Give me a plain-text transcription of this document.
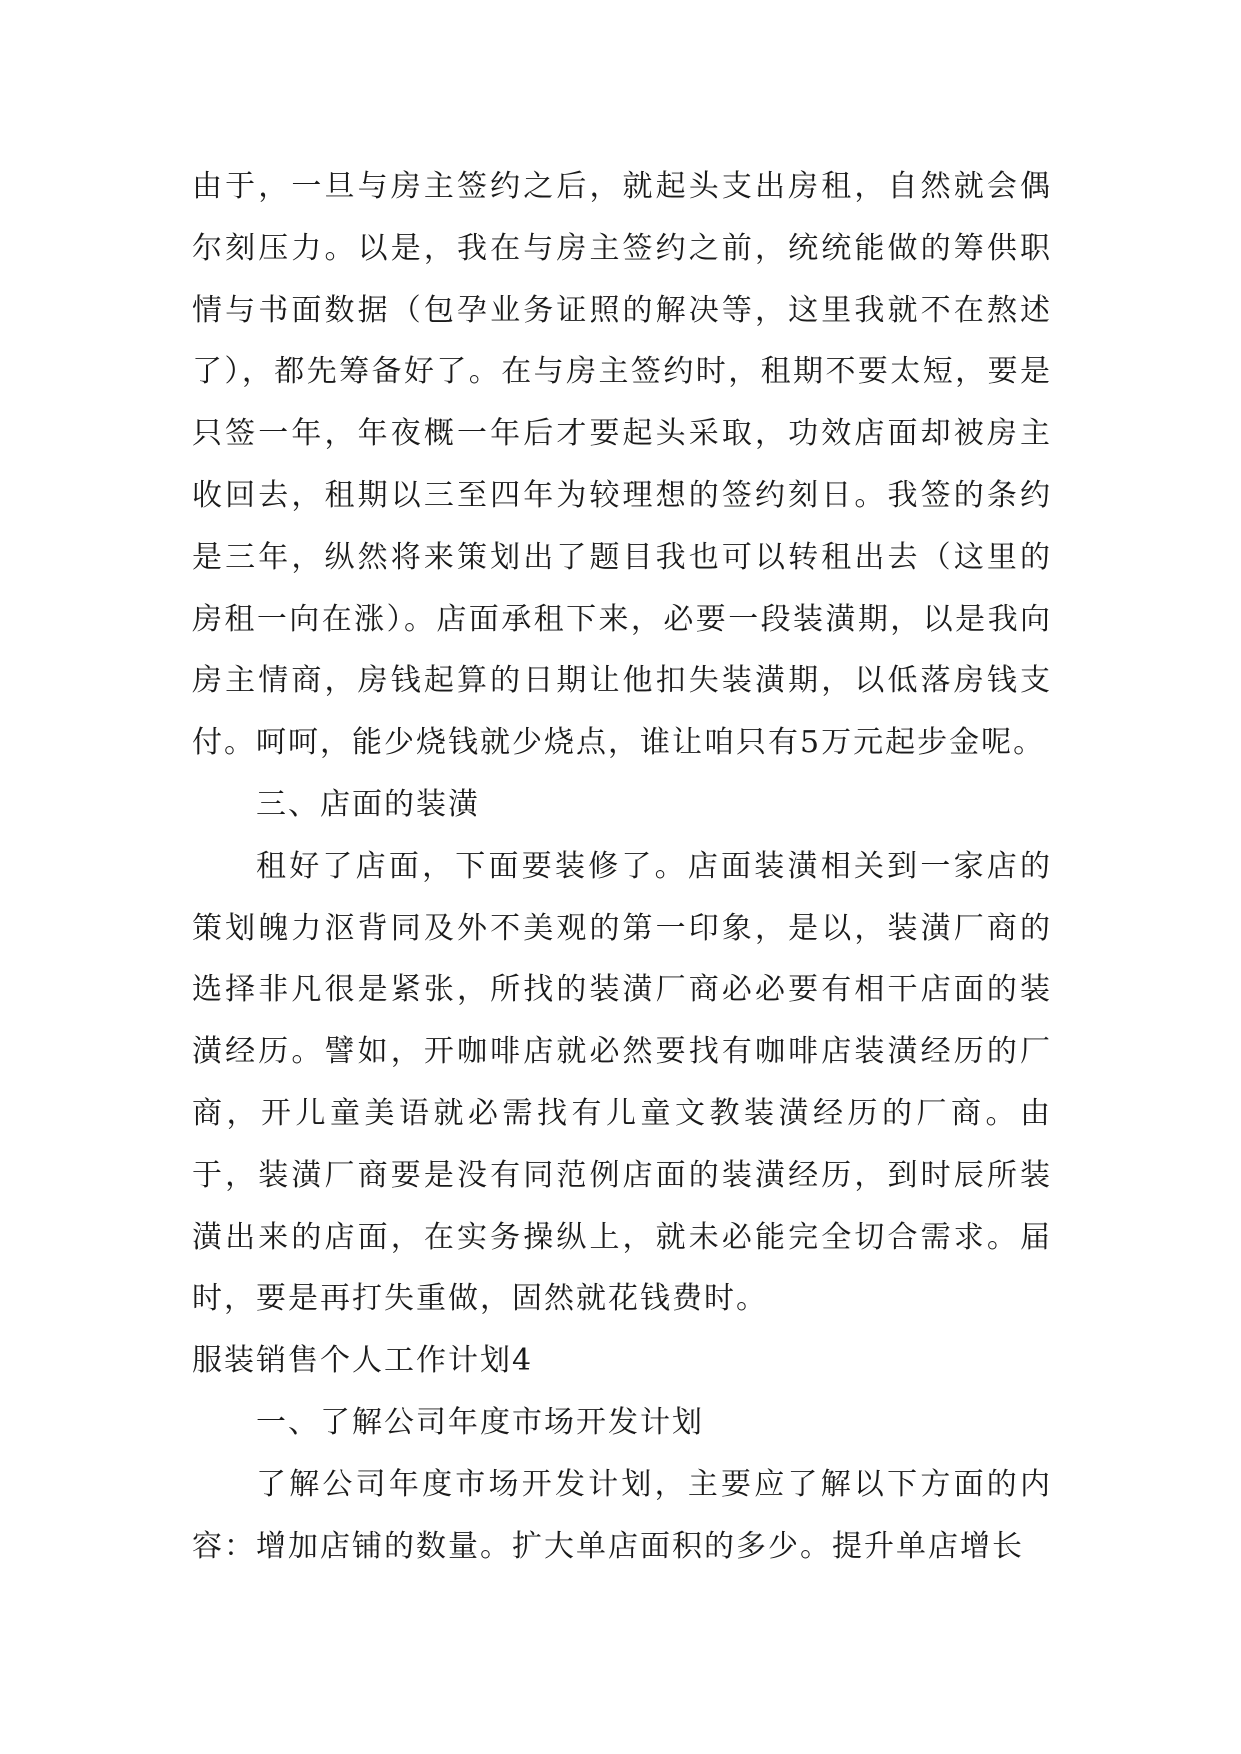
由于，一旦与房主签约之后，就起头支出房租，自然就会偶尔刻压力。以是，我在与房主签约之前，统统能做的筹供职情与书面数据（包孕业务证照的解决等，这里我就不在熬述了），都先筹备好了。在与房主签约时，租期不要太短，要是只签一年，年夜概一年后才要起头采取，功效店面却被房主收回去，租期以三至四年为较理想的签约刻日。我签的条约是三年，纵然将来策划出了题目我也可以转租出去（这里的房租一向在涨）。店面承租下来，必要一段装潢期，以是我向房主情商，房钱起算的日期让他扣失装潢期，以低落房钱支付。呵呵，能少烧钱就少烧点，谁让咱只有5万元起步金呢。

三、店面的装潢

租好了店面，下面要装修了。店面装潢相关到一家店的策划魄力沤背同及外不美观的第一印象，是以，装潢厂商的选择非凡很是紧张，所找的装潢厂商必必要有相干店面的装潢经历。譬如，开咖啡店就必然要找有咖啡店装潢经历的厂商，开儿童美语就必需找有儿童文教装潢经历的厂商。由于，装潢厂商要是没有同范例店面的装潢经历，到时辰所装潢出来的店面，在实务操纵上，就未必能完全切合需求。届时，要是再打失重做，固然就花钱费时。

服装销售个人工作计划4

一、了解公司年度市场开发计划

了解公司年度市场开发计划，主要应了解以下方面的内容：增加店铺的数量。扩大单店面积的多少。提升单店增长
